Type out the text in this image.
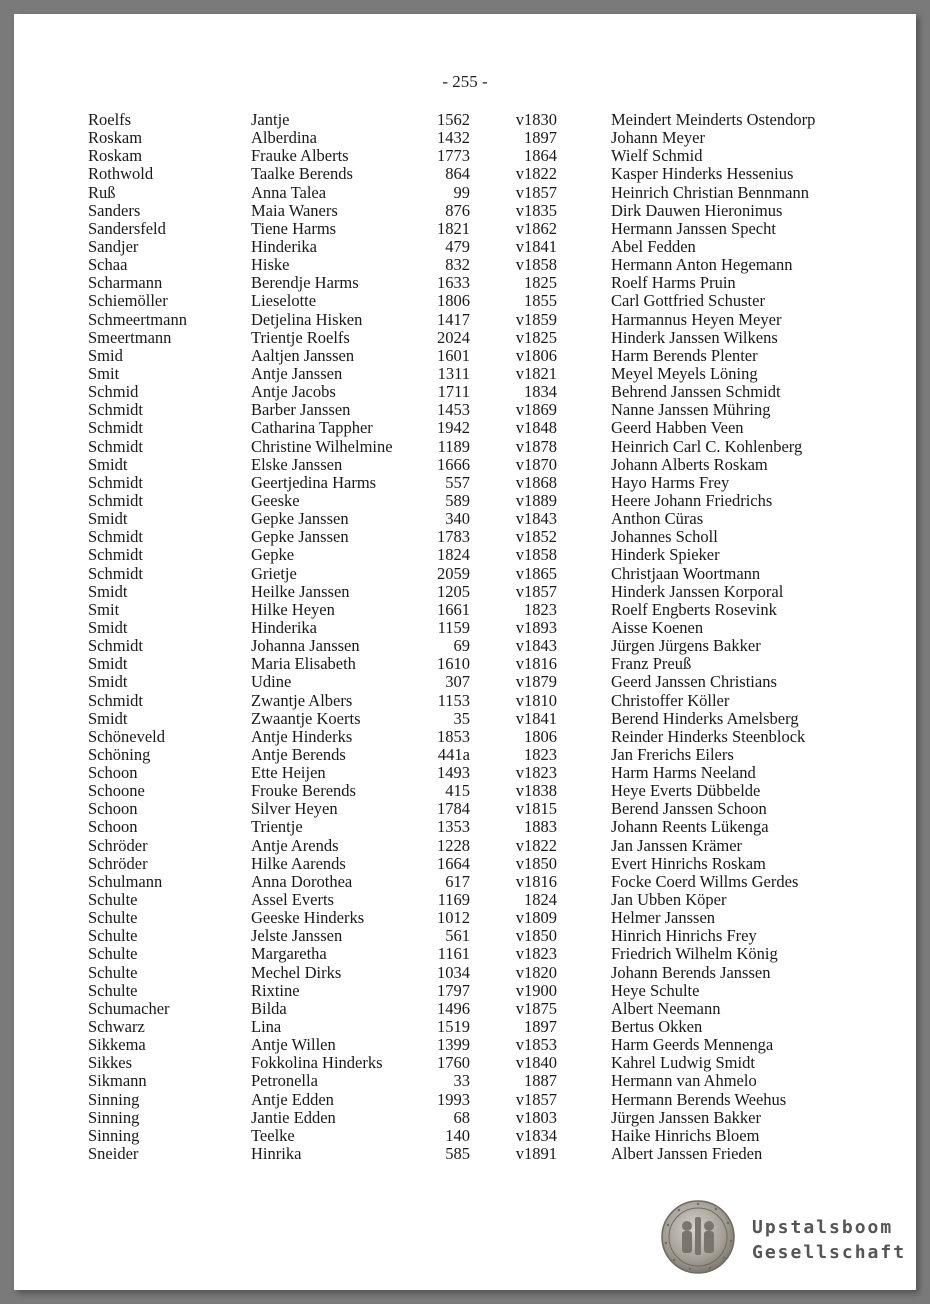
- 255 -
Roelfs	Jantje	1562	v1830	Meindert Meinderts Ostendorp
Roskam	Alberdina	1432	1897	Johann Meyer
Roskam	Frauke Alberts	1773	1864	Wielf Schmid
Rothwold	Taalke Berends	864	v1822	Kasper Hinderks Hessenius
Ruß	Anna Talea	99	v1857	Heinrich Christian Bennmann
Sanders	Maia Waners	876	v1835	Dirk Dauwen Hieronimus
Sandersfeld	Tiene Harms	1821	v1862	Hermann Janssen Specht
Sandjer	Hinderika	479	v1841	Abel Fedden
Schaa	Hiske	832	v1858	Hermann Anton Hegemann
Scharmann	Berendje Harms	1633	1825	Roelf Harms Pruin
Schiemöller	Lieselotte	1806	1855	Carl Gottfried Schuster
Schmeertmann	Detjelina Hisken	1417	v1859	Harmannus Heyen Meyer
Smeertmann	Trientje Roelfs	2024	v1825	Hinderk Janssen Wilkens
Smid	Aaltjen Janssen	1601	v1806	Harm Berends Plenter
Smit	Antje Janssen	1311	v1821	Meyel Meyels Löning
Schmid	Antje Jacobs	1711	1834	Behrend Janssen Schmidt
Schmidt	Barber Janssen	1453	v1869	Nanne Janssen Mühring
Schmidt	Catharina Tappher	1942	v1848	Geerd Habben Veen
Schmidt	Christine Wilhelmine	1189	v1878	Heinrich Carl C. Kohlenberg
Smidt	Elske Janssen	1666	v1870	Johann Alberts Roskam
Schmidt	Geertjedina Harms	557	v1868	Hayo Harms Frey
Schmidt	Geeske	589	v1889	Heere Johann Friedrichs
Smidt	Gepke Janssen	340	v1843	Anthon Cüras
Schmidt	Gepke Janssen	1783	v1852	Johannes Scholl
Schmidt	Gepke	1824	v1858	Hinderk Spieker
Schmidt	Grietje	2059	v1865	Christjaan Woortmann
Smidt	Heilke Janssen	1205	v1857	Hinderk Janssen Korporal
Smit	Hilke Heyen	1661	1823	Roelf Engberts Rosevink
Smidt	Hinderika	1159	v1893	Aisse Koenen
Schmidt	Johanna Janssen	69	v1843	Jürgen Jürgens Bakker
Smidt	Maria Elisabeth	1610	v1816	Franz Preuß
Smidt	Udine	307	v1879	Geerd Janssen Christians
Schmidt	Zwantje Albers	1153	v1810	Christoffer Köller
Smidt	Zwaantje Koerts	35	v1841	Berend Hinderks Amelsberg
Schöneveld	Antje Hinderks	1853	1806	Reinder Hinderks Steenblock
Schöning	Antje Berends	441a	1823	Jan Frerichs Eilers
Schoon	Ette Heijen	1493	v1823	Harm Harms Neeland
Schoone	Frouke Berends	415	v1838	Heye Everts Dübbelde
Schoon	Silver Heyen	1784	v1815	Berend Janssen Schoon
Schoon	Trientje	1353	1883	Johann Reents Lükenga
Schröder	Antje Arends	1228	v1822	Jan Janssen Krämer
Schröder	Hilke Aarends	1664	v1850	Evert Hinrichs Roskam
Schulmann	Anna Dorothea	617	v1816	Focke Coerd Willms Gerdes
Schulte	Assel Everts	1169	1824	Jan Ubben Köper
Schulte	Geeske Hinderks	1012	v1809	Helmer Janssen
Schulte	Jelste Janssen	561	v1850	Hinrich Hinrichs Frey
Schulte	Margaretha	1161	v1823	Friedrich Wilhelm König
Schulte	Mechel Dirks	1034	v1820	Johann Berends Janssen
Schulte	Rixtine	1797	v1900	Heye Schulte
Schumacher	Bilda	1496	v1875	Albert Neemann
Schwarz	Lina	1519	1897	Bertus Okken
Sikkema	Antje Willen	1399	v1853	Harm Geerds Mennenga
Sikkes	Fokkolina Hinderks	1760	v1840	Kahrel Ludwig Smidt
Sikmann	Petronella	33	1887	Hermann van Ahmelo
Sinning	Antje Edden	1993	v1857	Hermann Berends Weehus
Sinning	Jantie Edden	68	v1803	Jürgen Janssen Bakker
Sinning	Teelke	140	v1834	Haike Hinrichs Bloem
Sneider	Hinrika	585	v1891	Albert Janssen Frieden
Upstalsboom
Gesellschaft
